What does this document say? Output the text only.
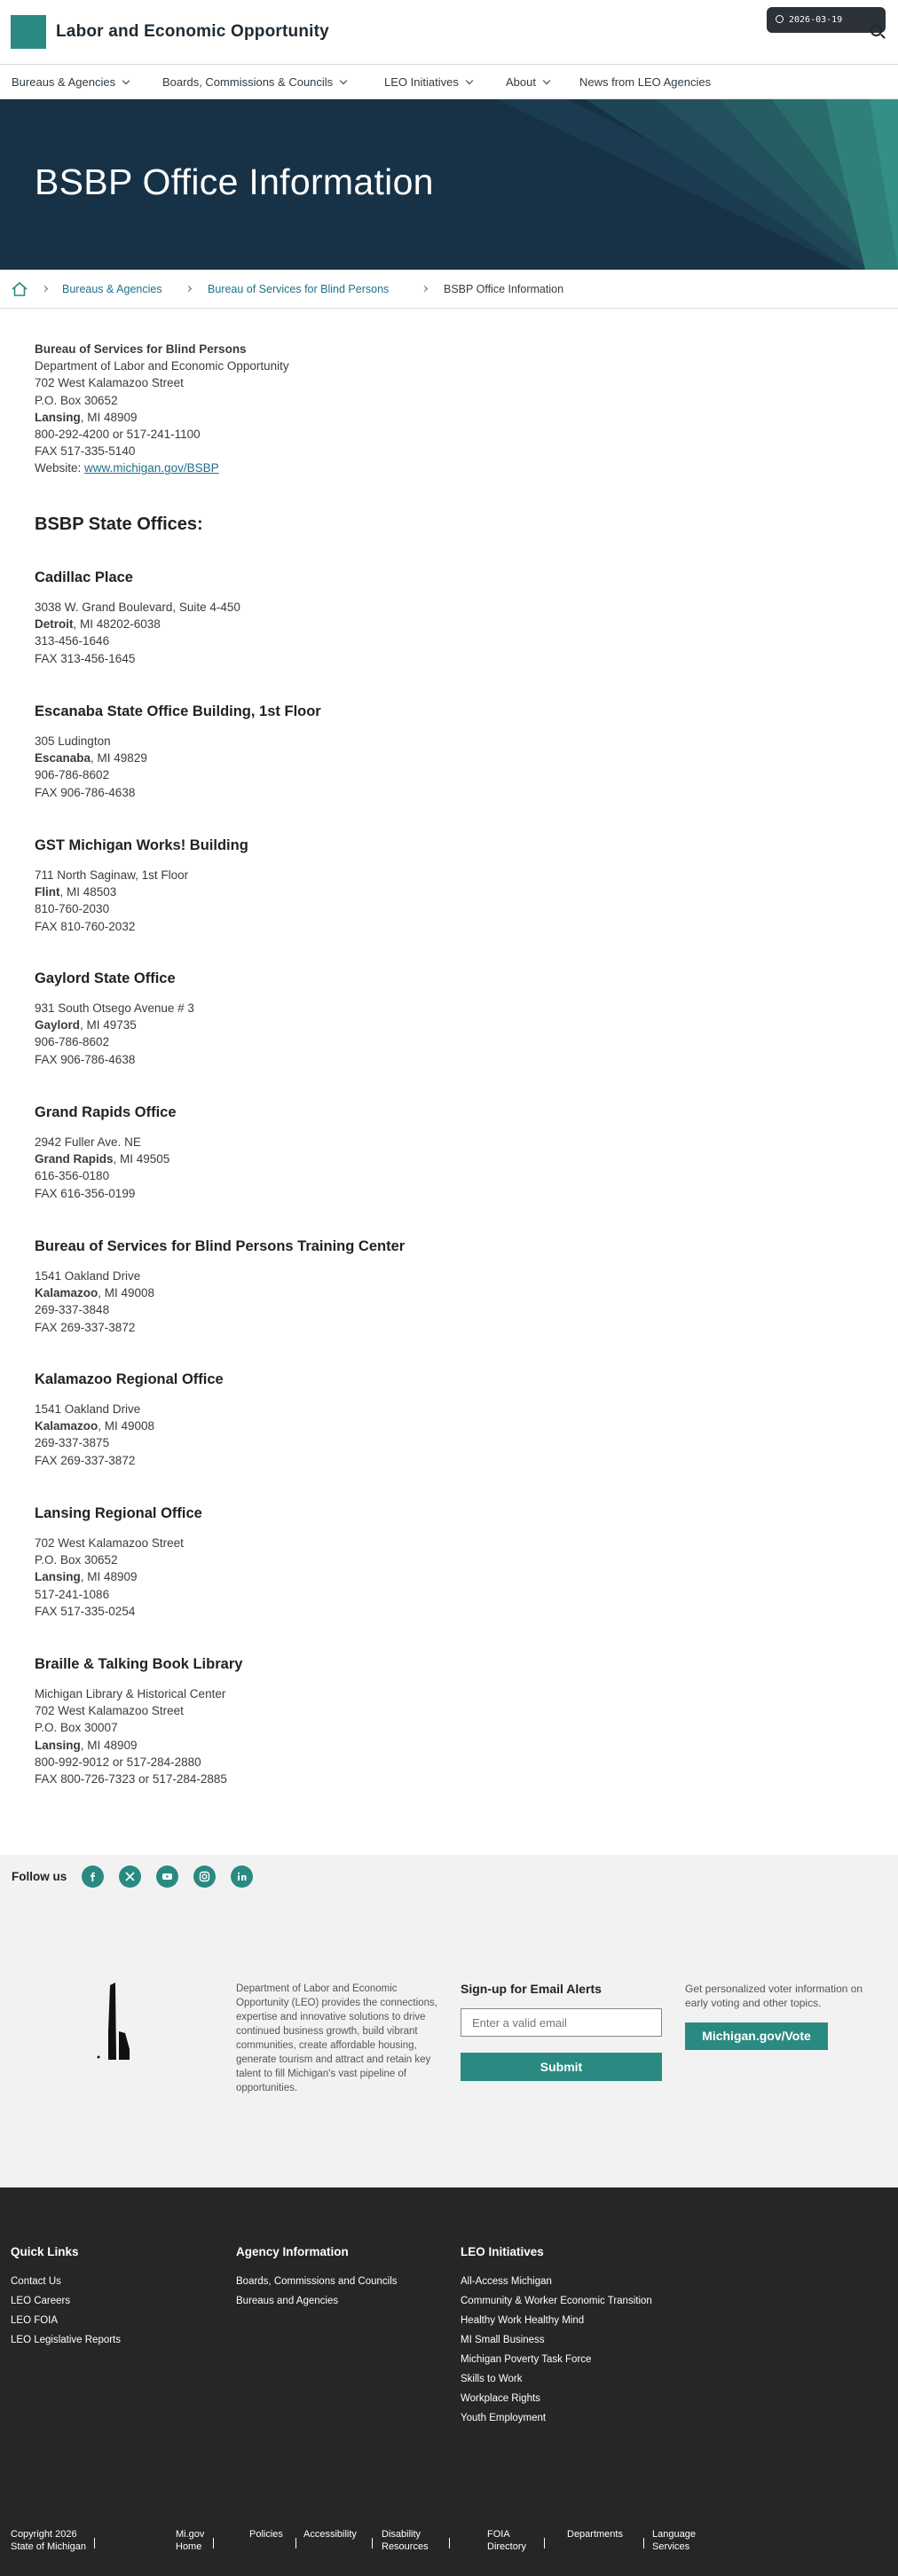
Labor and Economic Opportunity
2026-03-19 10:28:47
Bureaus & Agencies	Boards, Commissions & Councils	LEO Initiatives	About	News from LEO Agencies
BSBP Office Information
Bureaus & Agencies	Bureau of Services for Blind Persons	BSBP Office Information
Bureau of Services for Blind Persons
Department of Labor and Economic Opportunity
702 West Kalamazoo Street
P.O. Box 30652
Lansing, MI 48909
800-292-4200 or 517-241-1100
FAX 517-335-5140
Website: www.michigan.gov/BSBP
BSBP State Offices:
Cadillac Place
3038 W. Grand Boulevard, Suite 4-450
Detroit, MI 48202-6038
313-456-1646
FAX 313-456-1645
Escanaba State Office Building, 1st Floor
305 Ludington
Escanaba, MI 49829
906-786-8602
FAX 906-786-4638
GST Michigan Works! Building
711 North Saginaw, 1st Floor
Flint, MI 48503
810-760-2030
FAX 810-760-2032
Gaylord State Office
931 South Otsego Avenue # 3
Gaylord, MI 49735
906-786-8602
FAX 906-786-4638
Grand Rapids Office
2942 Fuller Ave. NE
Grand Rapids, MI 49505
616-356-0180
FAX 616-356-0199
Bureau of Services for Blind Persons Training Center
1541 Oakland Drive
Kalamazoo, MI 49008
269-337-3848
FAX 269-337-3872
Kalamazoo Regional Office
1541 Oakland Drive
Kalamazoo, MI 49008
269-337-3875
FAX 269-337-3872
Lansing Regional Office
702 West Kalamazoo Street
P.O. Box 30652
Lansing, MI 48909
517-241-1086
FAX 517-335-0254
Braille & Talking Book Library
Michigan Library & Historical Center
702 West Kalamazoo Street
P.O. Box 30007
Lansing, MI 48909
800-992-9012 or 517-284-2880
FAX 800-726-7323 or 517-284-2885
Follow us
Department of Labor and Economic Opportunity (LEO) provides the connections, expertise and innovative solutions to drive continued business growth, build vibrant communities, create affordable housing, generate tourism and attract and retain key talent to fill Michigan's vast pipeline of opportunities.
Sign-up for Email Alerts
Enter a valid email
Submit
Get personalized voter information on early voting and other topics.
Michigan.gov/Vote
Quick Links
Contact Us
LEO Careers
LEO FOIA
LEO Legislative Reports
Agency Information
Boards, Commissions and Councils
Bureaus and Agencies
LEO Initiatives
All-Access Michigan
Community & Worker Economic Transition
Healthy Work Healthy Mind
MI Small Business
Michigan Poverty Task Force
Skills to Work
Workplace Rights
Youth Employment
Copyright 2026 State of Michigan
Mi.gov Home
Policies Accessibility	Disability Resources
FOIA Directory
Departments	Language Services
